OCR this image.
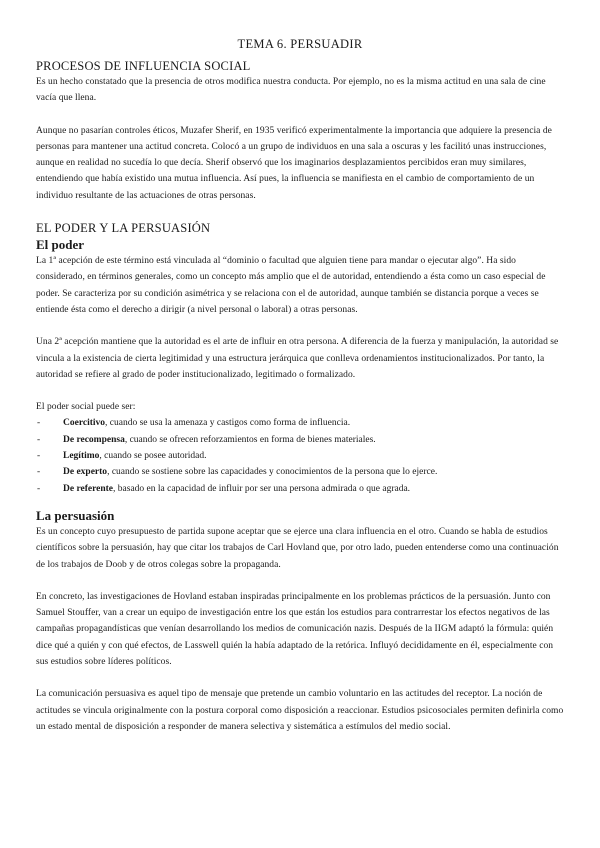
TEMA 6. PERSUADIR
PROCESOS DE INFLUENCIA SOCIAL

Es un hecho constatado que la presencia de otros modifica nuestra conducta. Por ejemplo, no es la misma actitud en una sala de cine vacía que llena.

Aunque no pasarían controles éticos, Muzafer Sherif, en 1935 verificó experimentalmente la importancia que adquiere la presencia de personas para mantener una actitud concreta. Colocó a un grupo de individuos en una sala a oscuras y les facilitó unas instrucciones, aunque en realidad no sucedía lo que decía. Sherif observó que los imaginarios desplazamientos percibidos eran muy similares, entendiendo que había existido una mutua influencia. Así pues, la influencia se manifiesta en el cambio de comportamiento de un individuo resultante de las actuaciones de otras personas.

EL PODER Y LA PERSUASIÓN
El poder

La 1ª acepción de este término está vinculada al “dominio o facultad que alguien tiene para mandar o ejecutar algo”. Ha sido considerado, en términos generales, como un concepto más amplio que el de autoridad, entendiendo a ésta como un caso especial de poder. Se caracteriza por su condición asimétrica y se relaciona con el de autoridad, aunque también se distancia porque a veces se entiende ésta como el derecho a dirigir (a nivel personal o laboral) a otras personas.

Una 2ª acepción mantiene que la autoridad es el arte de influir en otra persona. A diferencia de la fuerza y manipulación, la autoridad se vincula a la existencia de cierta legitimidad y una estructura jerárquica que conlleva ordenamientos institucionalizados. Por tanto, la autoridad se refiere al grado de poder institucionalizado, legitimado o formalizado.

El poder social puede ser:

- Coercitivo, cuando se usa la amenaza y castigos como forma de influencia.
- De recompensa, cuando se ofrecen reforzamientos en forma de bienes materiales.
- Legítimo, cuando se posee autoridad.
- De experto, cuando se sostiene sobre las capacidades y conocimientos de la persona que lo ejerce.
- De referente, basado en la capacidad de influir por ser una persona admirada o que agrada.
La persuasión

Es un concepto cuyo presupuesto de partida supone aceptar que se ejerce una clara influencia en el otro. Cuando se habla de estudios científicos sobre la persuasión, hay que citar los trabajos de Carl Hovland que, por otro lado, pueden entenderse como una continuación de los trabajos de Doob y de otros colegas sobre la propaganda.

En concreto, las investigaciones de Hovland estaban inspiradas principalmente en los problemas prácticos de la persuasión. Junto con Samuel Stouffer, van a crear un equipo de investigación entre los que están los estudios para contrarrestar los efectos negativos de las campañas propagandísticas que venían desarrollando los medios de comunicación nazis. Después de la IIGM adaptó la fórmula: quién dice qué a quién y con qué efectos, de Lasswell quién la había adaptado de la retórica. Influyó decididamente en él, especialmente con sus estudios sobre líderes políticos.

La comunicación persuasiva es aquel tipo de mensaje que pretende un cambio voluntario en las actitudes del receptor. La noción de actitudes se vincula originalmente con la postura corporal como disposición a reaccionar. Estudios psicosociales permiten definirla como un estado mental de disposición a responder de manera selectiva y sistemática a estímulos del medio social.
